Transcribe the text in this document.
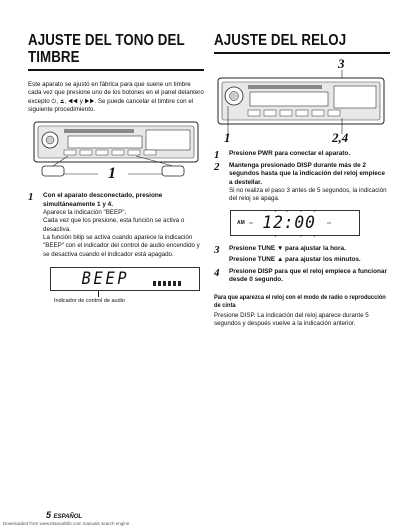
AJUSTE DEL TONO DEL TIMBRE

Este aparato se ajustó en fábrica para que suene un timbre cada vez que presione uno de los botones en el panel delantero excepto ⏻, ⏏, ◀◀ y ▶▶. Se puede cancelar el timbre con el siguiente procedimiento.

1
1 Con el aparato desconectado, presione simultáneamente 1 y 4.

Aparece la indicación "BEEP".

Cada vez que los presione, esta función se activa o desactiva.

La función bilip se activa cuando aparece la indicación "BEEP" con el indicador del control de audio encendido y se desactiva cuando el indicador está apagado.

BEEP

Indicador de control de audio

AJUSTE DEL RELOJ
3
1	2,4
1 Presione PWR para conectar el aparato.

2 Mantenga presionado DISP durante más de 2 segundos hasta que la indicación del reloj empiece a destellar.

Si no realiza el paso 3 antes de 5 segundos, la indicación del reloj se apaga.

AM 12:00
3 Presione TUNE ▼ para ajustar la hora.

Presione TUNE ▲ para ajustar los minutos.

4 Presione DISP para que el reloj empiece a funcionar desde 0 segundo.

Para que aparezca el reloj con el modo de radio o reproducción de cinta

Presione DISP. La indicación del reloj aparece durante 5 segundos y después vuelve a la indicación anterior.

5 ESPAÑOL
Downloaded from www.Manualslib.com manuals search engine
